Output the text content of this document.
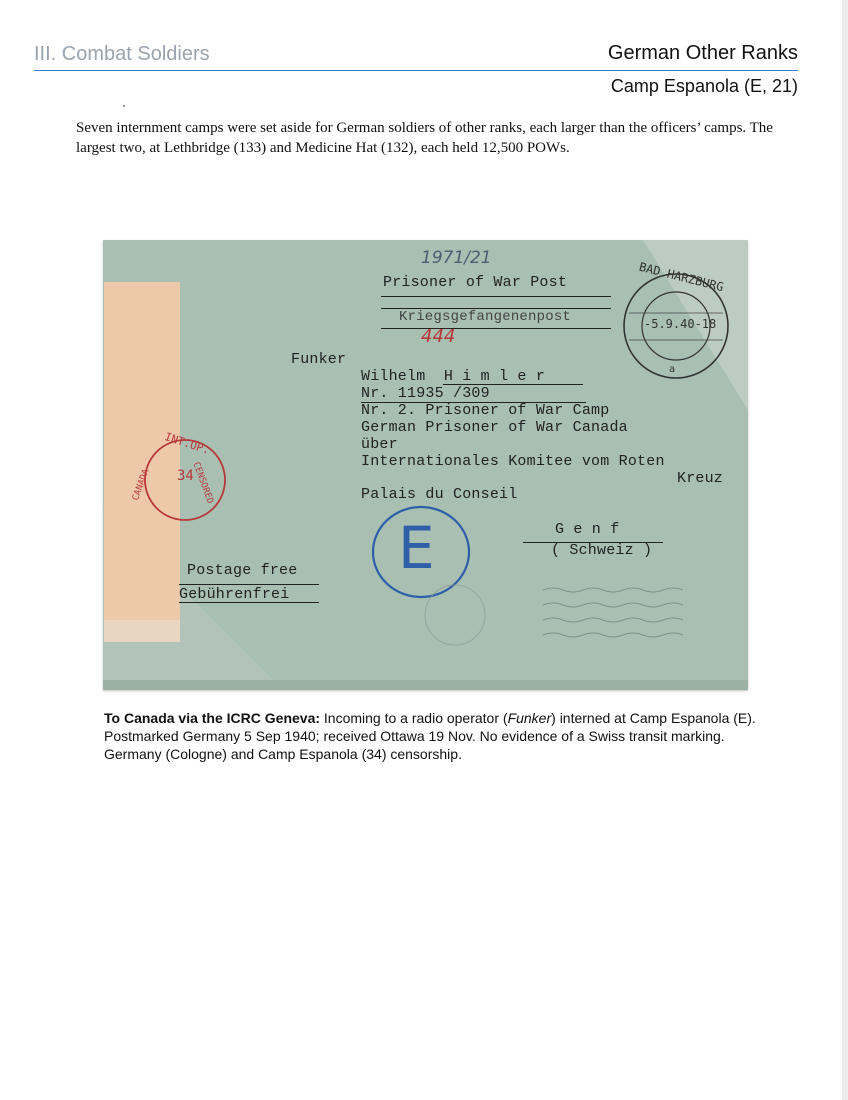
III. Combat Soldiers	German Other Ranks
Camp Espanola (E, 21)
Seven internment camps were set aside for German soldiers of other ranks, each larger than the officers’ camps. The largest two, at Lethbridge (133) and Medicine Hat (132), each held 12,500 POWs.
1971/21
Prisoner of War Post
Kriegsgefangenenpost
444
Funker
Wilhelm  H i m l e r
Nr. 11935 /309
Nr. 2. Prisoner of War Camp
German Prisoner of War Canada
über
Internationales Komitee vom Roten
Kreuz
Palais du Conseil
G e n f
( Schweiz )
Postage free
Gebührenfrei
E
BAD HARZBURG
-5.9.40-18
a
INT.OP.
34
CENSORED
CANADA
To Canada via the ICRC Geneva: Incoming to a radio operator (Funker) interned at Camp Espanola (E). Postmarked Germany 5 Sep 1940; received Ottawa 19 Nov. No evidence of a Swiss transit marking. Germany (Cologne) and Camp Espanola (34) censorship.
